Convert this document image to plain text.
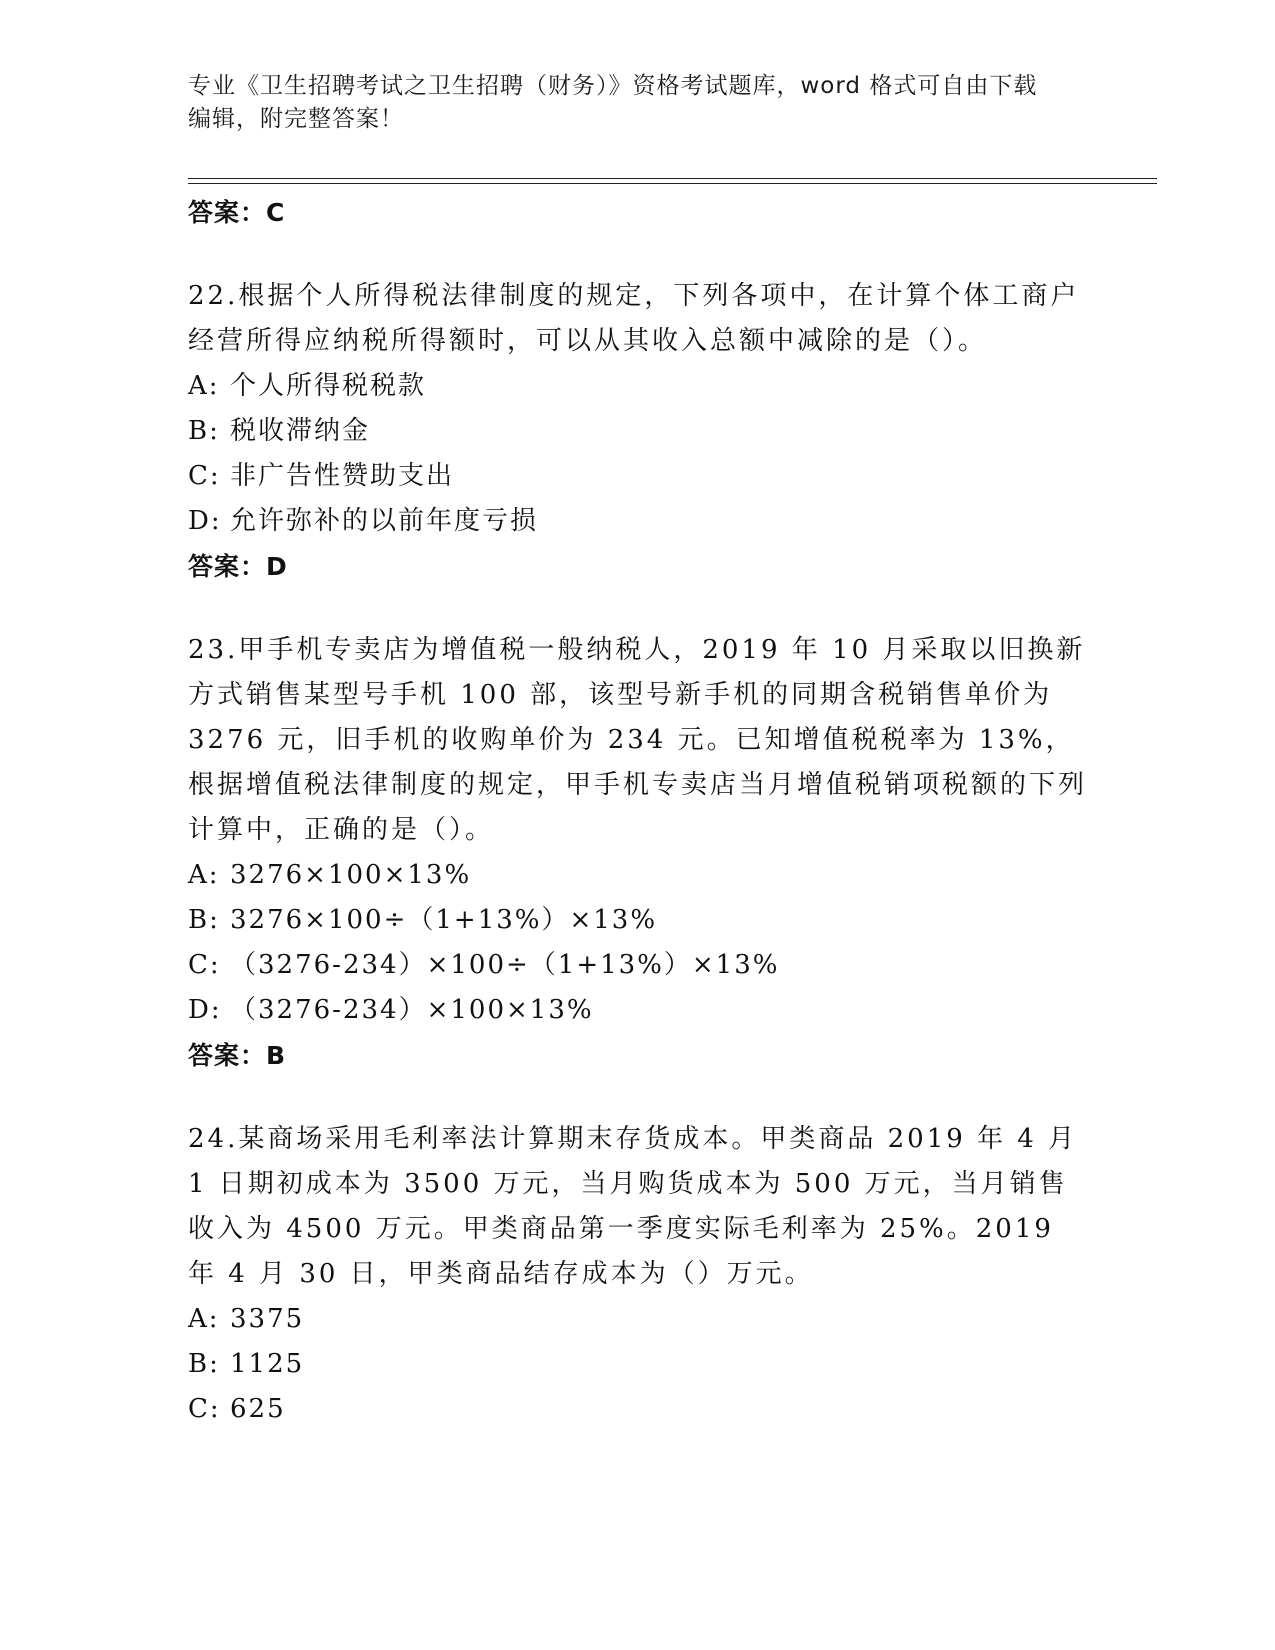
专业《卫生招聘考试之卫生招聘（财务）》资格考试题库，word 格式可自由下载
编辑，附完整答案！
答案：C
22.根据个人所得税法律制度的规定，下列各项中，在计算个体工商户经营所得应纳税所得额时，可以从其收入总额中减除的是（）。
A: 个人所得税税款
B: 税收滞纳金
C: 非广告性赞助支出
D: 允许弥补的以前年度亏损
答案：D
23.甲手机专卖店为增值税一般纳税人，2019 年 10 月采取以旧换新方式销售某型号手机 100 部，该型号新手机的同期含税销售单价为 3276 元，旧手机的收购单价为 234 元。已知增值税税率为 13%，根据增值税法律制度的规定，甲手机专卖店当月增值税销项税额的下列计算中，正确的是（）。
A: 3276×100×13%
B: 3276×100÷（1+13%）×13%
C: （3276-234）×100÷（1+13%）×13%
D: （3276-234）×100×13%
答案：B
24.某商场采用毛利率法计算期末存货成本。甲类商品 2019 年 4 月 1 日期初成本为 3500 万元，当月购货成本为 500 万元，当月销售收入为 4500 万元。甲类商品第一季度实际毛利率为 25%。2019 年 4 月 30 日，甲类商品结存成本为（）万元。
A: 3375
B: 1125
C: 625
